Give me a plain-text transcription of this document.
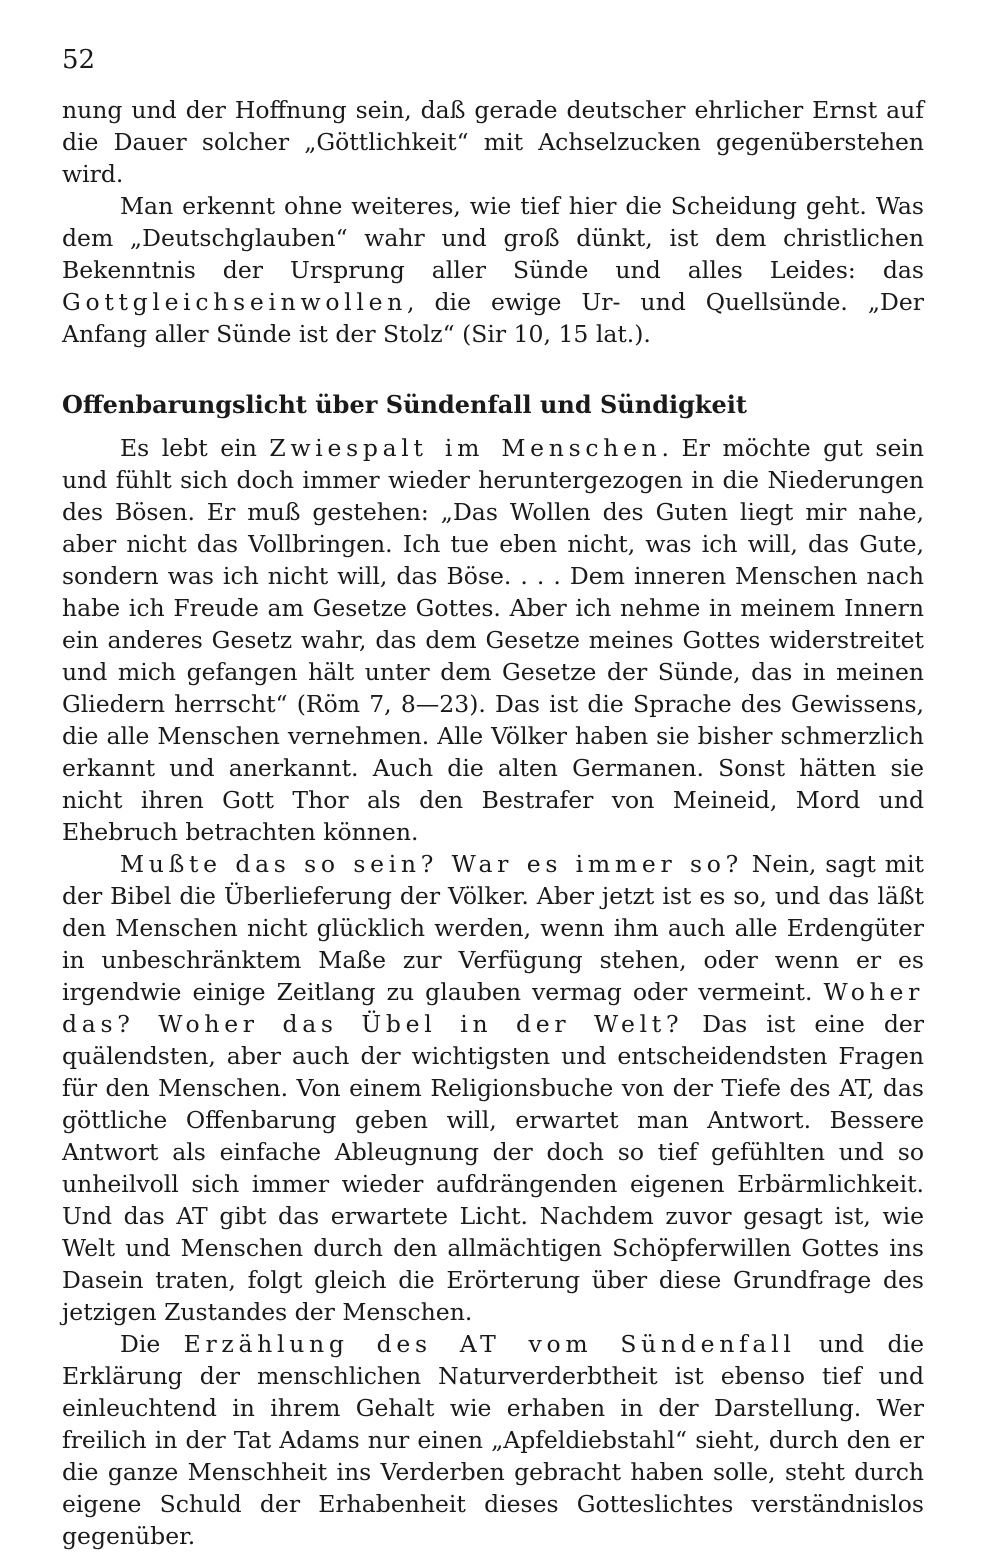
52

nung und der Hoffnung sein, daß gerade deutscher ehrlicher Ernst auf die Dauer solcher „Göttlichkeit“ mit Achselzucken gegenüberstehen wird.

Man erkennt ohne weiteres, wie tief hier die Scheidung geht. Was dem „Deutschglauben“ wahr und groß dünkt, ist dem christlichen Bekenntnis der Ursprung aller Sünde und alles Leides: das Gottgleichseinwollen, die ewige Ur- und Quellsünde. „Der Anfang aller Sünde ist der Stolz“ (Sir 10, 15 lat.).

Offenbarungslicht über Sündenfall und Sündigkeit

Es lebt ein Zwiespalt im Menschen. Er möchte gut sein und fühlt sich doch immer wieder heruntergezogen in die Niederungen des Bösen. Er muß gestehen: „Das Wollen des Guten liegt mir nahe, aber nicht das Vollbringen. Ich tue eben nicht, was ich will, das Gute, sondern was ich nicht will, das Böse. . . . Dem inneren Menschen nach habe ich Freude am Gesetze Gottes. Aber ich nehme in meinem Innern ein anderes Gesetz wahr, das dem Gesetze meines Gottes widerstreitet und mich gefangen hält unter dem Gesetze der Sünde, das in meinen Gliedern herrscht“ (Röm 7, 8—23). Das ist die Sprache des Gewissens, die alle Menschen vernehmen. Alle Völker haben sie bisher schmerzlich erkannt und anerkannt. Auch die alten Germanen. Sonst hätten sie nicht ihren Gott Thor als den Bestrafer von Meineid, Mord und Ehebruch betrachten können.

Mußte das so sein? War es immer so? Nein, sagt mit der Bibel die Überlieferung der Völker. Aber jetzt ist es so, und das läßt den Menschen nicht glücklich werden, wenn ihm auch alle Erdengüter in unbeschränktem Maße zur Verfügung stehen, oder wenn er es irgendwie einige Zeitlang zu glauben vermag oder vermeint. Woher das? Woher das Übel in der Welt? Das ist eine der quälendsten, aber auch der wichtigsten und entscheidendsten Fragen für den Menschen. Von einem Religionsbuche von der Tiefe des AT, das göttliche Offenbarung geben will, erwartet man Antwort. Bessere Antwort als einfache Ableugnung der doch so tief gefühlten und so unheilvoll sich immer wieder aufdrängenden eigenen Erbärmlichkeit. Und das AT gibt das erwartete Licht. Nachdem zuvor gesagt ist, wie Welt und Menschen durch den allmächtigen Schöpferwillen Gottes ins Dasein traten, folgt gleich die Erörterung über diese Grundfrage des jetzigen Zustandes der Menschen.

Die Erzählung des AT vom Sündenfall und die Erklärung der menschlichen Naturverderbtheit ist ebenso tief und einleuchtend in ihrem Gehalt wie erhaben in der Darstellung. Wer freilich in der Tat Adams nur einen „Apfeldiebstahl“ sieht, durch den er die ganze Menschheit ins Verderben gebracht haben solle, steht durch eigene Schuld der Erhabenheit dieses Gotteslichtes verständnislos gegenüber.
